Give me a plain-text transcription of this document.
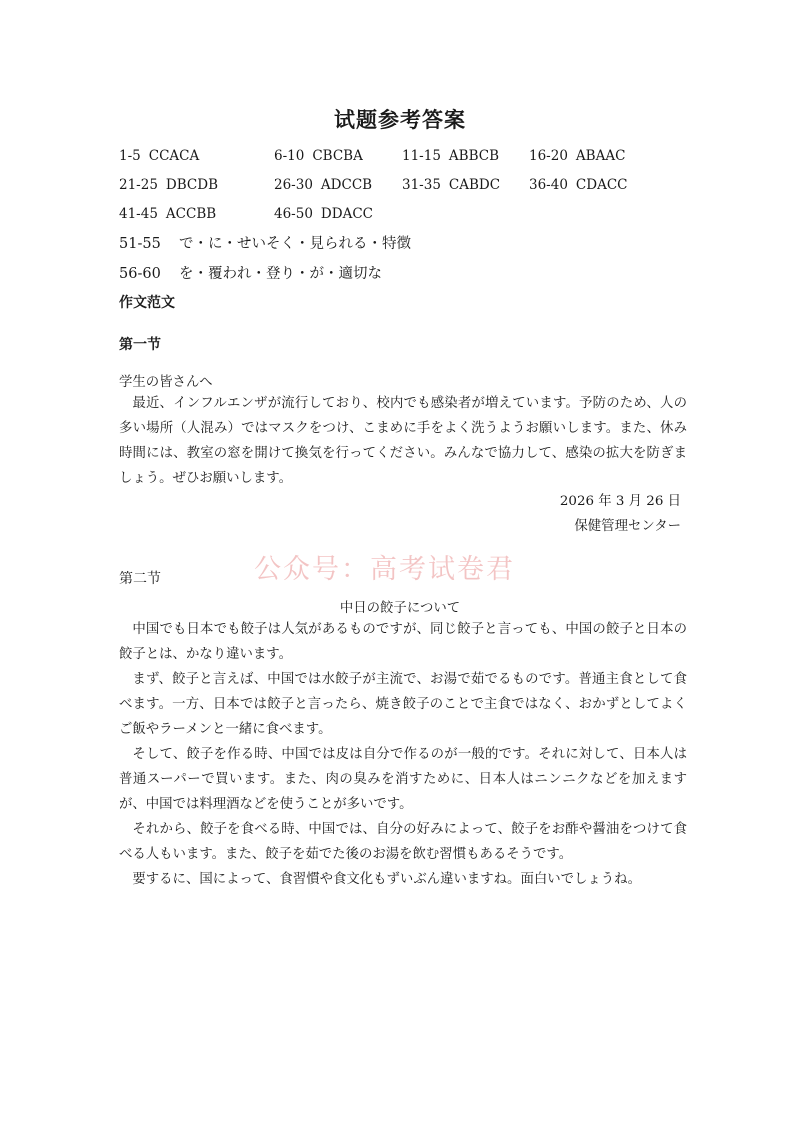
试题参考答案
1-5 CCACA	6-10 CBCBA	11-15 ABBCB	16-20 ABAAC
21-25 DBCDB	26-30 ADCCB	31-35 CABDC	36-40 CDACC
41-45 ACCBB	46-50 DDACC
51-55 で・に・せいそく・見られる・特徴
56-60 を・覆われ・登り・が・適切な
作文范文
第一节
学生の皆さんへ

最近、インフルエンザが流行しており、校内でも感染者が増えています。予防のため、人の多い場所（人混み）ではマスクをつけ、こまめに手をよく洗うようお願いします。また、休み時間には、教室の窓を開けて換気を行ってください。みんなで協力して、感染の拡大を防ぎましょう。ぜひお願いします。

2026 年 3 月 26 日
保健管理センター
第二节	公众号：高考试卷君
中日の餃子について

中国でも日本でも餃子は人気があるものですが、同じ餃子と言っても、中国の餃子と日本の餃子とは、かなり違います。

まず、餃子と言えば、中国では水餃子が主流で、お湯で茹でるものです。普通主食として食べます。一方、日本では餃子と言ったら、焼き餃子のことで主食ではなく、おかずとしてよくご飯やラーメンと一緒に食べます。

そして、餃子を作る時、中国では皮は自分で作るのが一般的です。それに対して、日本人は普通スーパーで買います。また、肉の臭みを消すために、日本人はニンニクなどを加えますが、中国では料理酒などを使うことが多いです。

それから、餃子を食べる時、中国では、自分の好みによって、餃子をお酢や醤油をつけて食べる人もいます。また、餃子を茹でた後のお湯を飲む習慣もあるそうです。

要するに、国によって、食習慣や食文化もずいぶん違いますね。面白いでしょうね。
